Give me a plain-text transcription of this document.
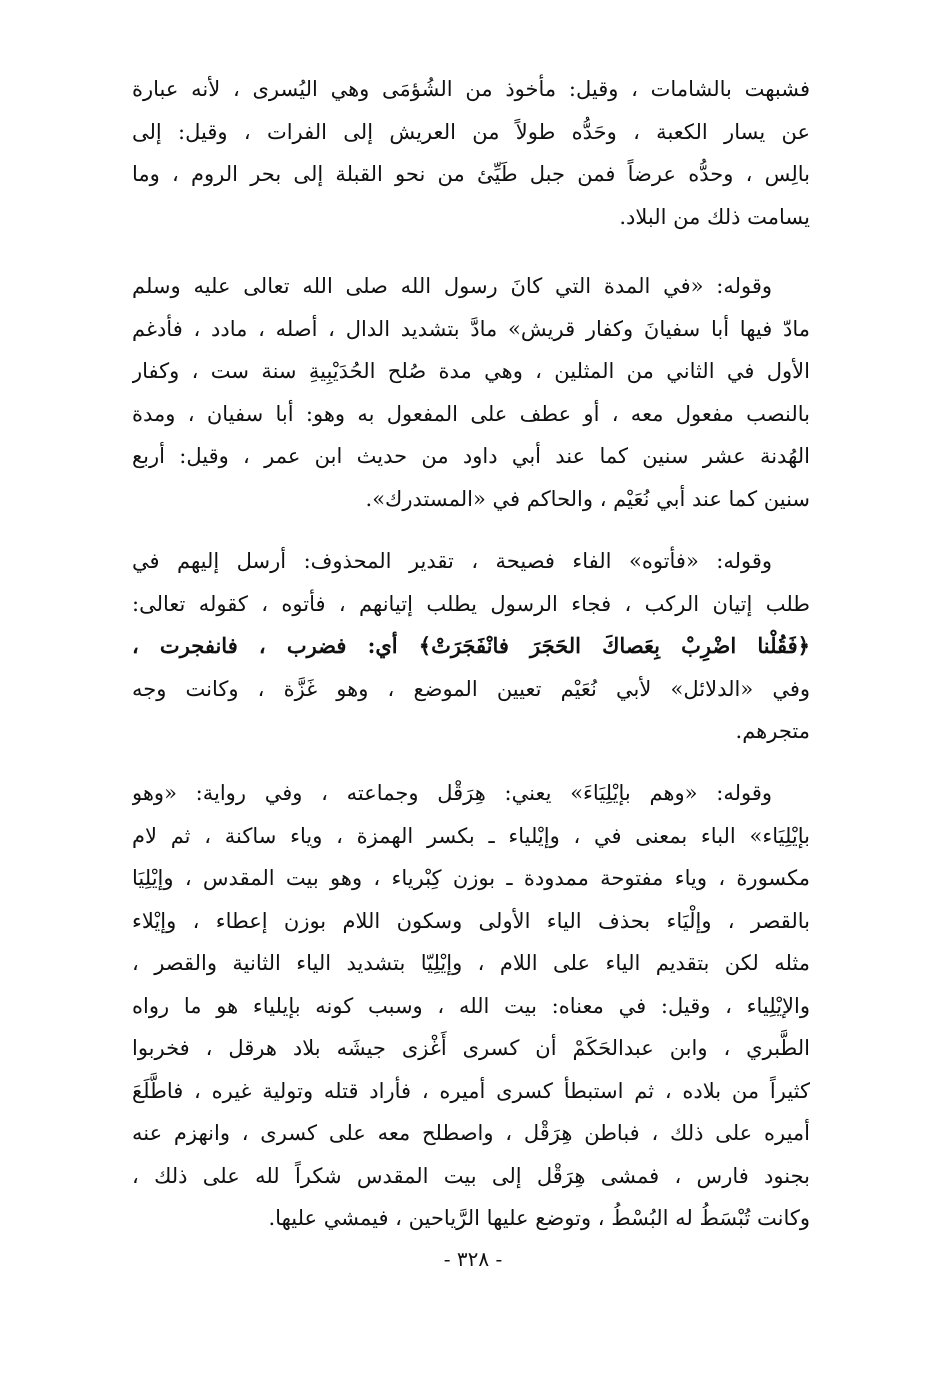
فشبهت بالشامات ، وقيل: مأخوذ من الشُؤمَى وهي اليُسرى ، لأنه عبارة
عن يسار الكعبة ، وحَدُّه طولاً من العريش إلى الفرات ، وقيل: إلى
بالِس ، وحدُّه عرضاً فمن جبل طَيِّئ من نحو القبلة إلى بحر الروم ، وما
يسامت ذلك من البلاد.
وقوله: «في المدة التي كانَ رسول الله صلى الله تعالى عليه وسلم
مادّ فيها أبا سفيانَ وكفار قريش» مادَّ بتشديد الدال ، أصله ، مادد ، فأدغم
الأول في الثاني من المثلين ، وهي مدة صُلح الحُدَيْبِيةِ سنة ست ، وكفار
بالنصب مفعول معه ، أو عطف على المفعول به وهو: أبا سفيان ، ومدة
الهُدنة عشر سنين كما عند أبي داود من حديث ابن عمر ، وقيل: أربع
سنين كما عند أبي نُعَيْم ، والحاكم في «المستدرك».
وقوله: «فأتوه» الفاء فصيحة ، تقدير المحذوف: أرسل إليهم في
طلب إتيان الركب ، فجاء الرسول يطلب إتيانهم ، فأتوه ، كقوله تعالى:
﴿فَقُلْنا اضْرِبْ بِعَصاكَ الحَجَرَ فانْفَجَرَتْ﴾ أي: فضرب ، فانفجرت ،
وفي «الدلائل» لأبي نُعَيْم تعيين الموضع ، وهو غَزَّة ، وكانت وجه
متجرهم.
وقوله: «وهم بإيْلِيَاءَ» يعني: هِرَقْل وجماعته ، وفي رواية: «وهو
بإيْلِيَاء» الباء بمعنى في ، وإيْلياء ـ بكسر الهمزة ، وياء ساكنة ، ثم لام
مكسورة ، وياء مفتوحة ممدودة ـ بوزن كِبْرياء ، وهو بيت المقدس ، وإيْلِيَا
بالقصر ، وإلْيَاء بحذف الياء الأولى وسكون اللام بوزن إعطاء ، وإيْلاء
مثله لكن بتقديم الياء على اللام ، وإيْلِيّا بتشديد الياء الثانية والقصر ،
والإيْلِياء ، وقيل: في معناه: بيت الله ، وسبب كونه بإيلياء هو ما رواه
الطَّبري ، وابن عبدالحَكَمْ أن كسرى أَغْزى جيشَه بلاد هرقل ، فخربوا
كثيراً من بلاده ، ثم استبطأ كسرى أميره ، فأراد قتله وتولية غيره ، فاطَّلَعَ
أميره على ذلك ، فباطن هِرَقْل ، واصطلح معه على كسرى ، وانهزم عنه
بجنود فارس ، فمشى هِرَقْل إلى بيت المقدس شكراً لله على ذلك ،
وكانت تُبْسَطُ له البُسْطُ ، وتوضع عليها الرَّياحين ، فيمشي عليها.
- ٣٢٨ -
